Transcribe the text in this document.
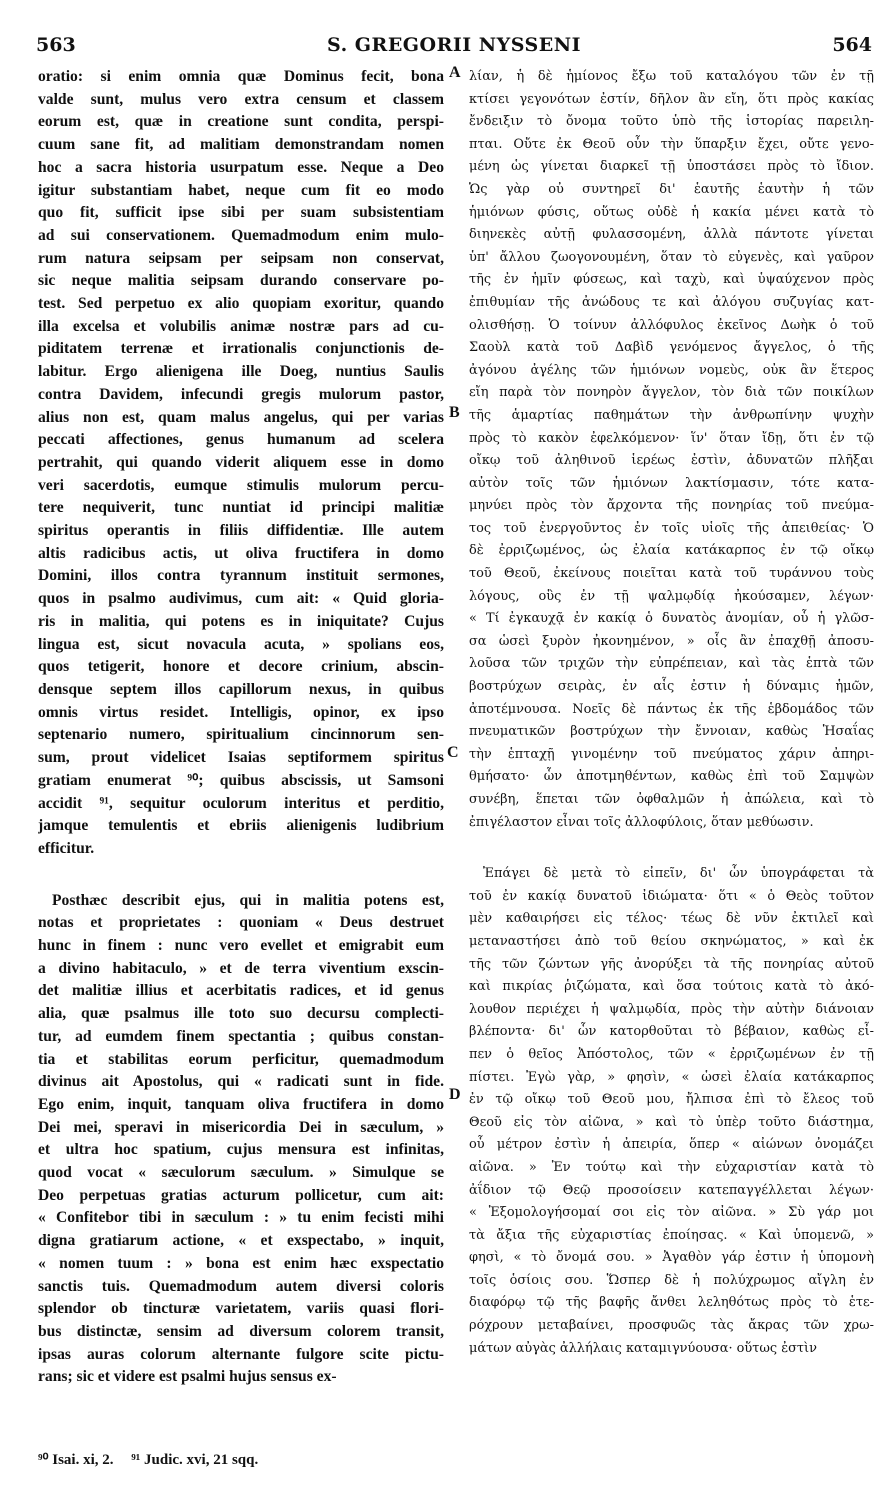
563	S. GREGORII NYSSENI	564
oratio: si enim omnia quæ Dominus fecit, bona
valde sunt, mulus vero extra censum et classem
eorum est, quæ in creatione sunt condita, perspi-
cuum sane fit, ad malitiam demonstrandam nomen
hoc a sacra historia usurpatum esse. Neque a Deo
igitur substantiam habet, neque cum fit eo modo
quo fit, sufficit ipse sibi per suam subsistentiam
ad sui conservationem. Quemadmodum enim mulo-
rum natura seipsam per seipsam non conservat,
sic neque malitia seipsam durando conservare po-
test. Sed perpetuo ex alio quopiam exoritur, quando
illa excelsa et volubilis animæ nostræ pars ad cu-
piditatem terrenæ et irrationalis conjunctionis de-
labitur. Ergo alienigena ille Doeg, nuntius Saulis
contra Davidem, infecundi gregis mulorum pastor,
alius non est, quam malus angelus, qui per varias
peccati affectiones, genus humanum ad scelera
pertrahit, qui quando viderit aliquem esse in domo
veri sacerdotis, eumque stimulis mulorum percu-
tere nequiverit, tunc nuntiat id principi malitiæ
spiritus operantis in filiis diffidentiæ. Ille autem
altis radicibus actis, ut oliva fructifera in domo
Domini, illos contra tyrannum instituit sermones,
quos in psalmo audivimus, cum ait: « Quid gloria-
ris in malitia, qui potens es in iniquitate? Cujus
lingua est, sicut novacula acuta, » spolians eos,
quos tetigerit, honore et decore crinium, abscin-
densque septem illos capillorum nexus, in quibus
omnis virtus residet. Intelligis, opinor, ex ipso
septenario numero, spiritualium cincinnorum sen-
sum, prout videlicet Isaias septiformem spiritus
gratiam enumerat ⁹⁰; quibus abscissis, ut Samsoni
accidit ⁹¹, sequitur oculorum interitus et perditio,
jamque temulentis et ebriis alienigenis ludibrium
efficitur.
Posthæc describit ejus, qui in malitia potens est,
notas et proprietates : quoniam « Deus destruet
hunc in finem : nunc vero evellet et emigrabit eum
a divino habitaculo, » et de terra viventium exscin-
det malitiæ illius et acerbitatis radices, et id genus
alia, quæ psalmus ille toto suo decursu complecti-
tur, ad eumdem finem spectantia ; quibus constan-
tia et stabilitas eorum perficitur, quemadmodum
divinus ait Apostolus, qui « radicati sunt in fide.
Ego enim, inquit, tanquam oliva fructifera in domo
Dei mei, speravi in misericordia Dei in sæculum, »
et ultra hoc spatium, cujus mensura est infinitas,
quod vocat « sæculorum sæculum. » Simulque se
Deo perpetuas gratias acturum pollicetur, cum ait:
« Confitebor tibi in sæculum : » tu enim fecisti mihi
digna gratiarum actione, « et exspectabo, » inquit,
« nomen tuum : » bona est enim hæc exspectatio
sanctis tuis. Quemadmodum autem diversi coloris
splendor ob tincturæ varietatem, variis quasi flori-
bus distinctæ, sensim ad diversum colorem transit,
ipsas auras colorum alternante fulgore scite pictu-
rans; sic et videre est psalmi hujus sensus ex-
λίαν, ἡ δὲ ἡμίονος ἔξω τοῦ καταλόγου τῶν ἐν τῇ
κτίσει γεγονότων ἐστίν, δῆλον ἂν εἴη, ὅτι πρὸς κακίας
ἔνδειξιν τὸ ὄνομα τοῦτο ὑπὸ τῆς ἱστορίας παρειλη-
πται. Οὔτε ἐκ Θεοῦ οὖν τὴν ὕπαρξιν ἔχει, οὔτε γενο-
μένη ὡς γίνεται διαρκεῖ τῇ ὑποστάσει πρὸς τὸ ἴδιον.
Ὡς γὰρ οὐ συντηρεῖ δι' ἑαυτῆς ἑαυτὴν ἡ τῶν
ἡμιόνων φύσις, οὕτως οὐδὲ ἡ κακία μένει κατὰ τὸ
διηνεκὲς αὐτῇ φυλασσομένη, ἀλλὰ πάντοτε γίνεται
ὑπ' ἄλλου ζωογονουμένη, ὅταν τὸ εὐγενὲς, καὶ γαῦρον
τῆς ἐν ἡμῖν φύσεως, καὶ ταχὺ, καὶ ὑψαύχενον πρὸς
ἐπιθυμίαν τῆς ἀνώδους τε καὶ ἀλόγου συζυγίας κατ-
ολισθήσῃ. Ὁ τοίνυν ἀλλόφυλος ἐκεῖνος Δωὴκ ὁ τοῦ
Σαοὺλ κατὰ τοῦ Δαβὶδ γενόμενος ἄγγελος, ὁ τῆς
ἀγόνου ἀγέλης τῶν ἡμιόνων νομεὺς, οὐκ ἂν ἕτερος
εἴη παρὰ τὸν πονηρὸν ἄγγελον, τὸν διὰ τῶν ποικίλων
τῆς ἁμαρτίας παθημάτων τὴν ἀνθρωπίνην ψυχὴν
πρὸς τὸ κακὸν ἐφελκόμενον· ἵν' ὅταν ἴδῃ, ὅτι ἐν τῷ
οἴκῳ τοῦ ἀληθινοῦ ἱερέως ἐστὶν, ἀδυνατῶν πλῆξαι
αὐτὸν τοῖς τῶν ἡμιόνων λακτίσμασιν, τότε κατα-
μηνύει πρὸς τὸν ἄρχοντα τῆς πονηρίας τοῦ πνεύμα-
τος τοῦ ἐνεργοῦντος ἐν τοῖς υἱοῖς τῆς ἀπειθείας· Ὁ
δὲ ἐρριζωμένος, ὡς ἐλαία κατάκαρπος ἐν τῷ οἴκῳ
τοῦ Θεοῦ, ἐκείνους ποιεῖται κατὰ τοῦ τυράννου τοὺς
λόγους, οὓς ἐν τῇ ψαλμῳδίᾳ ἠκούσαμεν, λέγων·
« Τί ἐγκαυχᾷ ἐν κακίᾳ ὁ δυνατὸς ἀνομίαν, οὗ ἡ γλῶσ-
σα ὡσεὶ ξυρὸν ἠκονημένον, » οἷς ἂν ἐπαχθῇ ἀποσυ-
λοῦσα τῶν τριχῶν τὴν εὐπρέπειαν, καὶ τὰς ἑπτὰ τῶν
βοστρύχων σειρὰς, ἐν αἷς ἐστιν ἡ δύναμις ἡμῶν,
ἀποτέμνουσα. Νοεῖς δὲ πάντως ἐκ τῆς ἑβδομάδος τῶν
πνευματικῶν βοστρύχων τὴν ἔννοιαν, καθὼς Ἡσαΐας
τὴν ἑπταχῇ γινομένην τοῦ πνεύματος χάριν ἀπηρι-
θμήσατο· ὧν ἀποτμηθέντων, καθὼς ἐπὶ τοῦ Σαμψὼν
συνέβη, ἕπεται τῶν ὀφθαλμῶν ἡ ἀπώλεια, καὶ τὸ
ἐπιγέλαστον εἶναι τοῖς ἀλλοφύλοις, ὅταν μεθύωσιν.
Ἐπάγει δὲ μετὰ τὸ εἰπεῖν, δι' ὧν ὑπογράφεται τὰ
τοῦ ἐν κακίᾳ δυνατοῦ ἰδιώματα· ὅτι « ὁ Θεὸς τοῦτον
μὲν καθαιρήσει εἰς τέλος· τέως δὲ νῦν ἐκτιλεῖ καὶ
μεταναστήσει ἀπὸ τοῦ θείου σκηνώματος, » καὶ ἐκ
τῆς τῶν ζώντων γῆς ἀνορύξει τὰ τῆς πονηρίας αὐτοῦ
καὶ πικρίας ῥιζώματα, καὶ ὅσα τούτοις κατὰ τὸ ἀκό-
λουθον περιέχει ἡ ψαλμῳδία, πρὸς τὴν αὐτὴν διάνοιαν
βλέποντα· δι' ὧν κατορθοῦται τὸ βέβαιον, καθὼς εἶ-
πεν ὁ θεῖος Ἀπόστολος, τῶν « ἐρριζωμένων ἐν τῇ
πίστει. Ἐγὼ γὰρ, » φησὶν, « ὡσεὶ ἐλαία κατάκαρπος
ἐν τῷ οἴκῳ τοῦ Θεοῦ μου, ἤλπισα ἐπὶ τὸ ἔλεος τοῦ
Θεοῦ εἰς τὸν αἰῶνα, » καὶ τὸ ὑπὲρ τοῦτο διάστημα,
οὗ μέτρον ἐστὶν ἡ ἀπειρία, ὅπερ « αἰώνων ὀνομάζει
αἰῶνα. » Ἐν τούτῳ καὶ τὴν εὐχαριστίαν κατὰ τὸ
ἀΐδιον τῷ Θεῷ προσοίσειν κατεπαγγέλλεται λέγων·
« Ἐξομολογήσομαί σοι εἰς τὸν αἰῶνα. » Σὺ γάρ μοι
τὰ ἄξια τῆς εὐχαριστίας ἐποίησας. « Καὶ ὑπομενῶ, »
φησὶ, « τὸ ὄνομά σου. » Ἀγαθὸν γάρ ἐστιν ἡ ὑπομονὴ
τοῖς ὁσίοις σου. Ὥσπερ δὲ ἡ πολύχρωμος αἴγλη ἐν
διαφόρῳ τῷ τῆς βαφῆς ἄνθει λεληθότως πρὸς τὸ ἑτε-
ρόχρουν μεταβαίνει, προσφυῶς τὰς ἄκρας τῶν χρω-
μάτων αὐγὰς ἀλλήλαις καταμιγνύουσα· οὕτως ἐστὶν
A
B
C
D
⁹⁰ Isai. xi, 2. ⁹¹ Judic. xvi, 21 sqq.
